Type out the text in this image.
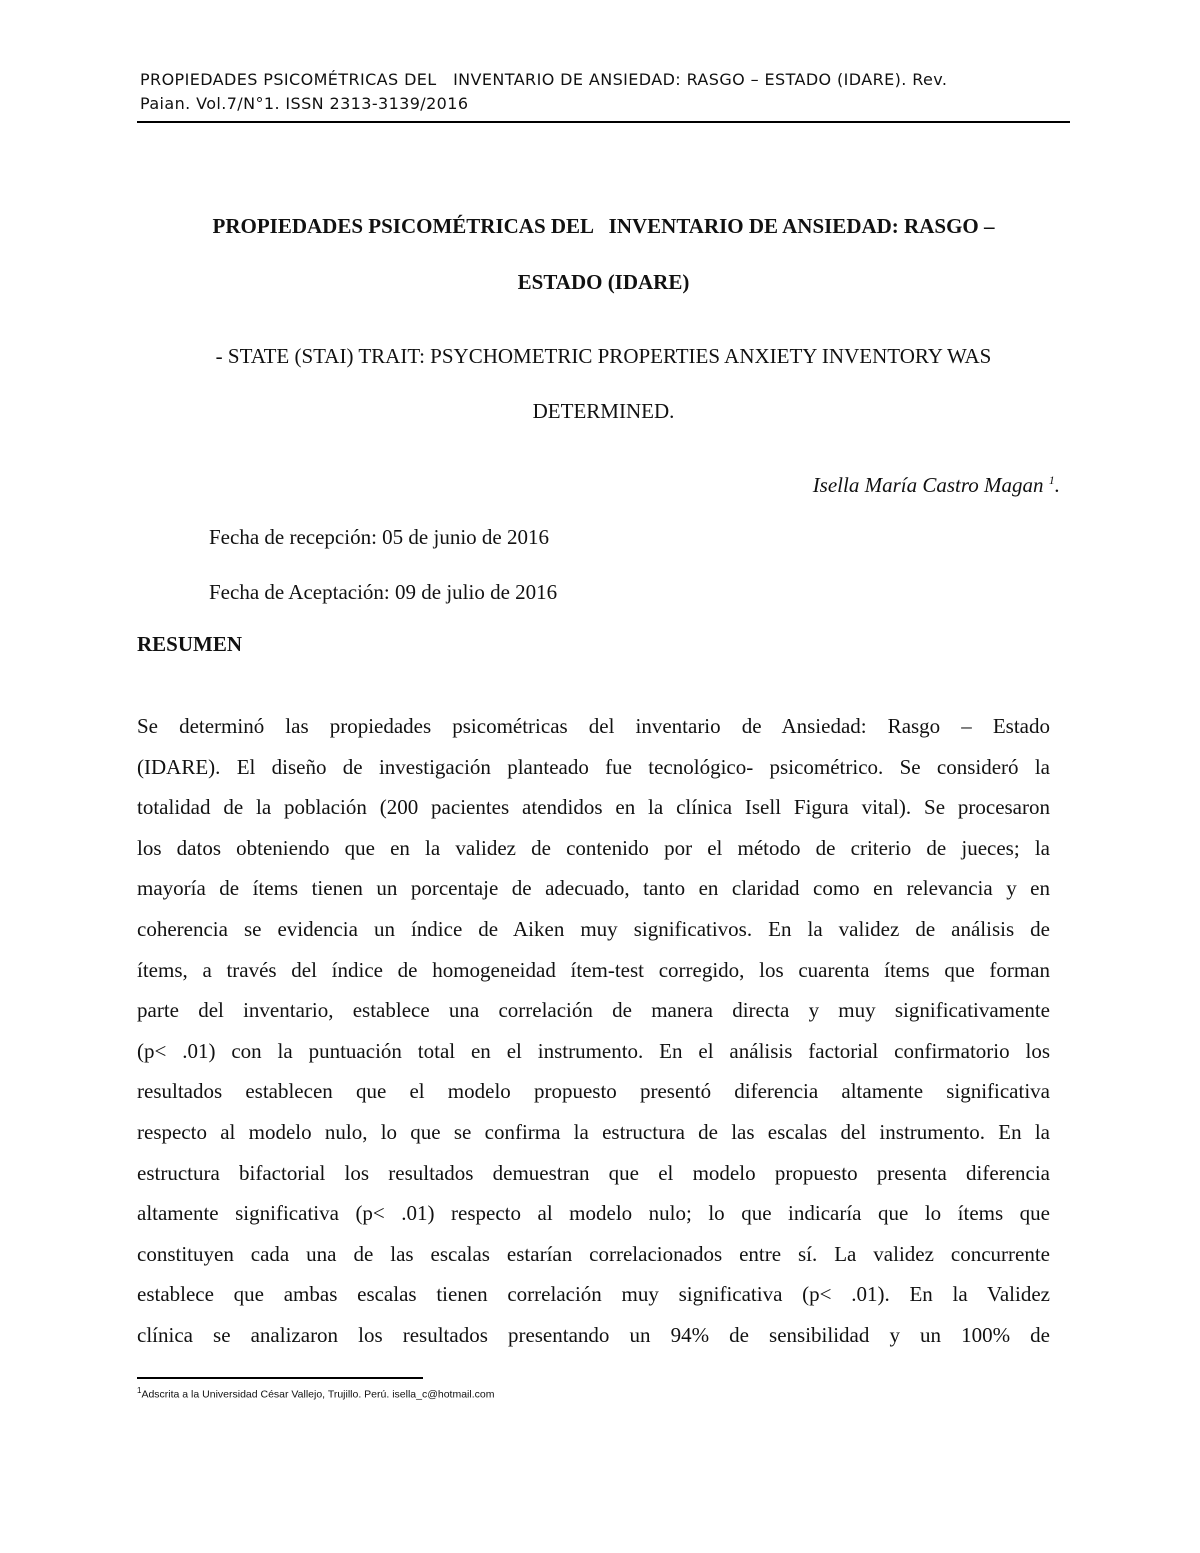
PROPIEDADES PSICOMÉTRICAS DEL   INVENTARIO DE ANSIEDAD: RASGO – ESTADO (IDARE). Rev.
Paian. Vol.7/N°1. ISSN 2313-3139/2016
PROPIEDADES PSICOMÉTRICAS DEL   INVENTARIO DE ANSIEDAD: RASGO –
ESTADO (IDARE)
- STATE (STAI) TRAIT: PSYCHOMETRIC PROPERTIES ANXIETY INVENTORY WAS
DETERMINED.
Isella María Castro Magan $^1$.
Fecha de recepción: 05 de junio de 2016
Fecha de Aceptación: 09 de julio de 2016
RESUMEN
Se determinó las propiedades psicométricas del inventario de Ansiedad: Rasgo – Estado
(IDARE). El diseño de investigación planteado fue tecnológico- psicométrico. Se consideró la
totalidad de la población (200 pacientes atendidos en la clínica Isell Figura vital). Se procesaron
los datos obteniendo que en la validez de contenido por el método de criterio de jueces; la
mayoría de ítems tienen un porcentaje de adecuado, tanto en claridad como en relevancia y en
coherencia se evidencia un índice de Aiken muy significativos. En la validez de análisis de
ítems, a través del índice de homogeneidad ítem-test corregido, los cuarenta ítems que forman
parte del inventario, establece una correlación de manera directa y muy significativamente
(p< .01) con la puntuación total en el instrumento. En el análisis factorial confirmatorio los
resultados establecen que el modelo propuesto presentó diferencia altamente significativa
respecto al modelo nulo, lo que se confirma la estructura de las escalas del instrumento. En la
estructura bifactorial los resultados demuestran que el modelo propuesto presenta diferencia
altamente significativa (p< .01) respecto al modelo nulo; lo que indicaría que lo ítems que
constituyen cada una de las escalas estarían correlacionados entre sí. La validez concurrente
establece que ambas escalas tienen correlación muy significativa (p< .01). En la Validez
clínica se analizaron los resultados presentando un 94% de sensibilidad y un 100% de
$^1$Adscrita a la Universidad César Vallejo, Trujillo. Perú. isella_c@hotmail.com
